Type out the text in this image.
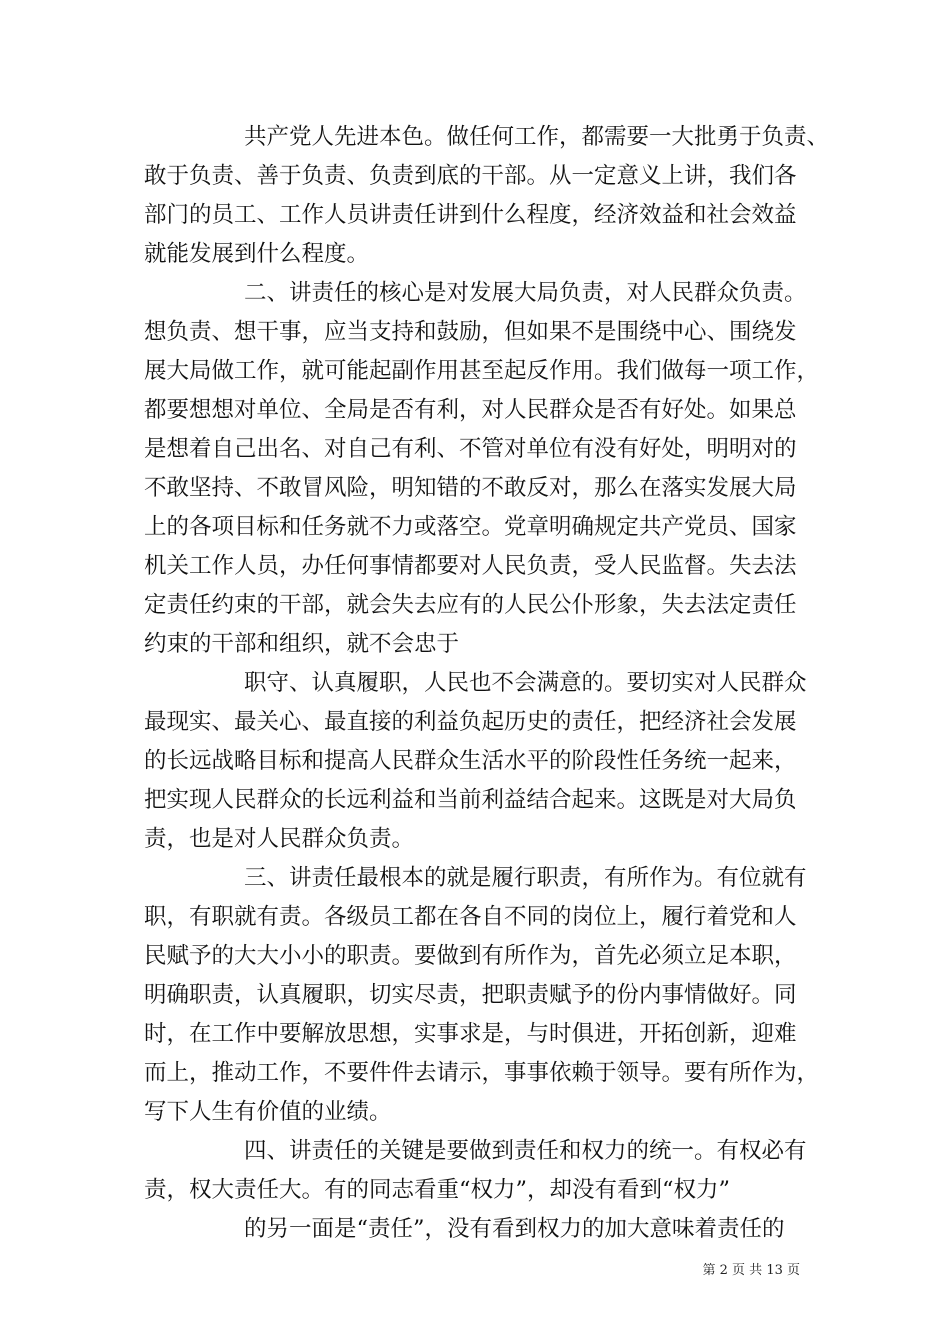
共产党人先进本色。做任何工作，都需要一大批勇于负责、
敢于负责、善于负责、负责到底的干部。从一定意义上讲，我们各
部门的员工、工作人员讲责任讲到什么程度，经济效益和社会效益
就能发展到什么程度。

二、讲责任的核心是对发展大局负责，对人民群众负责。
想负责、想干事，应当支持和鼓励，但如果不是围绕中心、围绕发
展大局做工作，就可能起副作用甚至起反作用。我们做每一项工作，
都要想想对单位、全局是否有利，对人民群众是否有好处。如果总
是想着自己出名、对自己有利、不管对单位有没有好处，明明对的
不敢坚持、不敢冒风险，明知错的不敢反对，那么在落实发展大局
上的各项目标和任务就不力或落空。党章明确规定共产党员、国家
机关工作人员，办任何事情都要对人民负责，受人民监督。失去法
定责任约束的干部，就会失去应有的人民公仆形象，失去法定责任
约束的干部和组织，就不会忠于

职守、认真履职，人民也不会满意的。要切实对人民群众
最现实、最关心、最直接的利益负起历史的责任，把经济社会发展
的长远战略目标和提高人民群众生活水平的阶段性任务统一起来，
把实现人民群众的长远利益和当前利益结合起来。这既是对大局负
责，也是对人民群众负责。

三、讲责任最根本的就是履行职责，有所作为。有位就有
职，有职就有责。各级员工都在各自不同的岗位上，履行着党和人
民赋予的大大小小的职责。要做到有所作为，首先必须立足本职，
明确职责，认真履职，切实尽责，把职责赋予的份内事情做好。同
时，在工作中要解放思想，实事求是，与时俱进，开拓创新，迎难
而上，推动工作，不要件件去请示，事事依赖于领导。要有所作为，
写下人生有价值的业绩。

四、讲责任的关键是要做到责任和权力的统一。有权必有
责，权大责任大。有的同志看重“权力”，却没有看到“权力”

的另一面是“责任”，没有看到权力的加大意味着责任的

第 2 页 共 13 页
